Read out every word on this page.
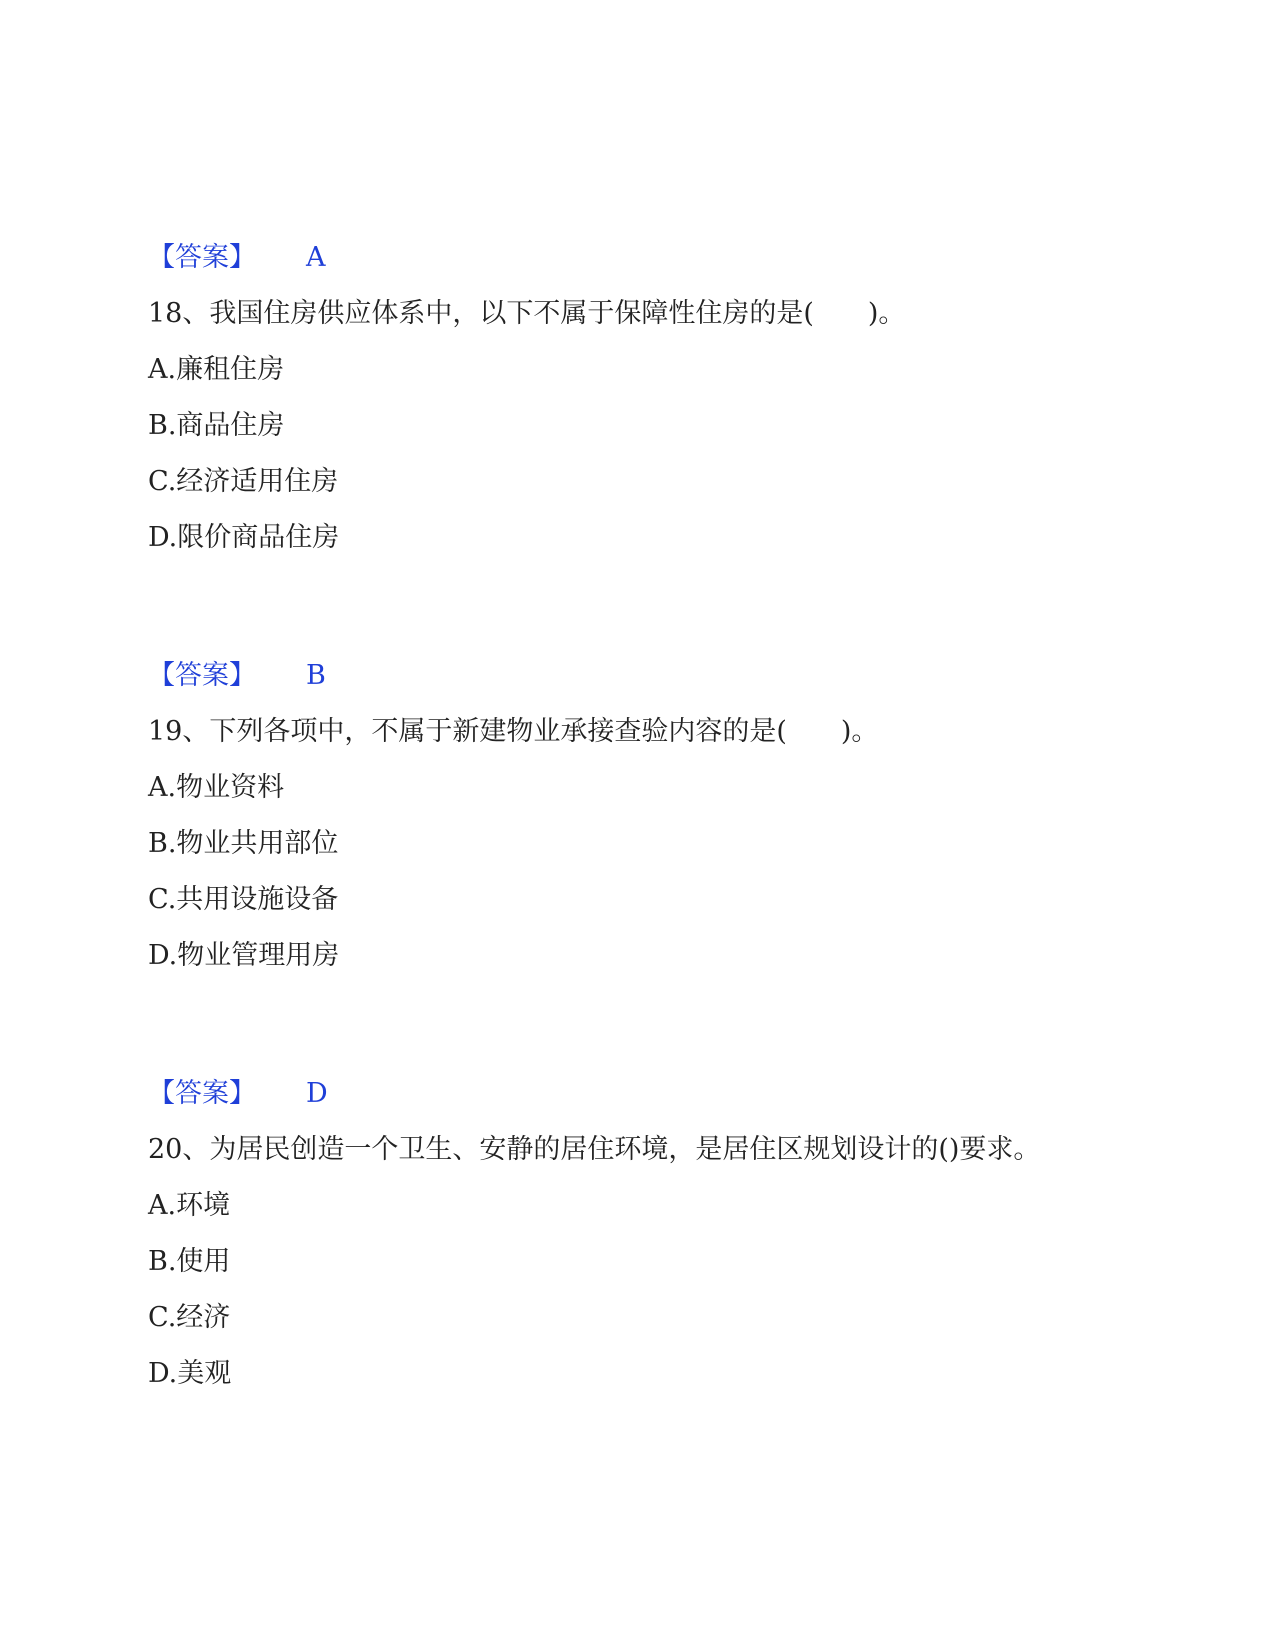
【答案】 A
18、我国住房供应体系中，以下不属于保障性住房的是(　　)。
A.廉租住房
B.商品住房
C.经济适用住房
D.限价商品住房
【答案】 B
19、下列各项中，不属于新建物业承接查验内容的是(　　)。
A.物业资料
B.物业共用部位
C.共用设施设备
D.物业管理用房
【答案】 D
20、为居民创造一个卫生、安静的居住环境，是居住区规划设计的()要求。
A.环境
B.使用
C.经济
D.美观
